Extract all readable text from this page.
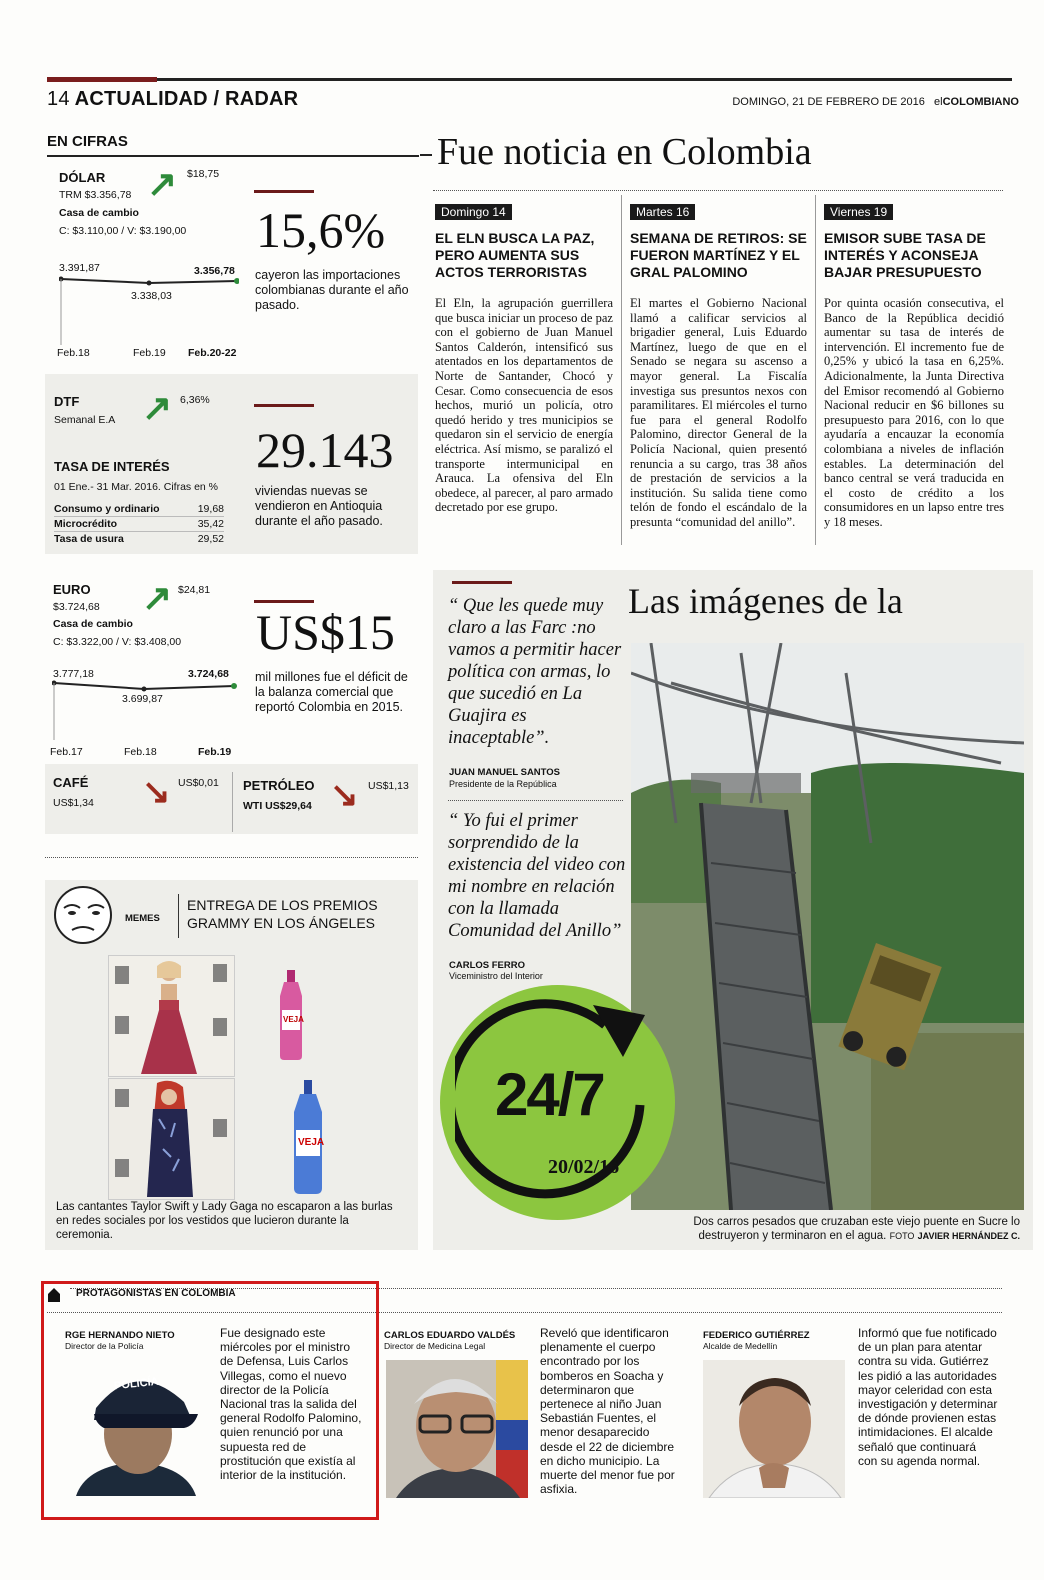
14 ACTUALIDAD / RADAR	DOMINGO, 21 DE FEBRERO DE 2016 elCOLOMBIANO
EN CIFRAS
DÓLAR ↗ $18,75
TRM $3.356,78
Casa de cambio
C: $3.110,00 / V: $3.190,00
3.391,87
3.338,03
3.356,78
Feb.18	Feb.19 Feb.20-22
15,6%
cayeron las importaciones colombianas durante el año pasado.
DTF ↗ 6,36%
Semanal E.A
TASA DE INTERÉS
01 Ene.- 31 Mar. 2016. Cifras en %
Consumo y ordinario	19,68
Microcrédito	35,42
Tasa de usura	29,52
29.143
viviendas nuevas se vendieron en Antioquia durante el año pasado.
EURO ↗ $24,81
$3.724,68
Casa de cambio
C: $3.322,00 / V: $3.408,00
3.777,18
3.699,87
3.724,68
Feb.17	Feb.18	Feb.19
US$15
mil millones fue el déficit de la balanza comercial que reportó Colombia en 2015.
CAFÉ ↘ US$0,01
US$1,34
PETRÓLEO ↘ US$1,13
WTI US$29,64
MEMES
ENTREGA DE LOS PREMIOS GRAMMY EN LOS ÁNGELES
VEJA
VEJA
Las cantantes Taylor Swift y Lady Gaga no escaparon a las burlas en redes sociales por los vestidos que lucieron durante la ceremonia.
Fue noticia en Colombia
Domingo 14
EL ELN BUSCA LA PAZ, PERO AUMENTA SUS ACTOS TERRORISTAS
El Eln, la agrupación guerrillera que busca iniciar un proceso de paz con el gobierno de Juan Manuel Santos Calderón, intensificó sus atentados en los departamentos de Norte de Santander, Chocó y Cesar. Como consecuencia de esos hechos, murió un policía, otro quedó herido y tres municipios se quedaron sin el servicio de energía eléctrica. Así mismo, se paralizó el transporte intermunicipal en Arauca. La ofensiva del Eln obedece, al parecer, al paro armado decretado por ese grupo.
Martes 16
SEMANA DE RETIROS: SE FUERON MARTÍNEZ Y EL GRAL PALOMINO
El martes el Gobierno Nacional llamó a calificar servicios al brigadier general, Luis Eduardo Martínez, luego de que en el Senado se negara su ascenso a mayor general. La Fiscalía investiga sus presuntos nexos con paramilitares. El miércoles el turno fue para el general Rodolfo Palomino, director General de la Policía Nacional, quien presentó renuncia a su cargo, tras 38 años de prestación de servicios a la institución. Su salida tiene como telón de fondo el escándalo de la presunta “comunidad del anillo”.
Viernes 19
EMISOR SUBE TASA DE INTERÉS Y ACONSEJA BAJAR PRESUPUESTO
Por quinta ocasión consecutiva, el Banco de la República decidió aumentar su tasa de interés de intervención. El incremento fue de 0,25% y ubicó la tasa en 6,25%. Adicionalmente, la Junta Directiva del Emisor recomendó al Gobierno Nacional reducir en $6 billones su presupuesto para 2016, con lo que ayudaría a encauzar la economía colombiana a niveles de inflación estables. La determinación del banco central se verá traducida en el costo de crédito a los consumidores en un lapso entre tres y 18 meses.
“ Que les quede muy claro a las Farc :no vamos a permitir hacer política con armas, lo que sucedió en La Guajira es inaceptable”.
JUAN MANUEL SANTOS
Presidente de la República
“ Yo fui el primer sorprendido de la existencia del video con mi nombre en relación con la llamada Comunidad del Anillo”
CARLOS FERRO
Viceministro del Interior
Las imágenes de la
24/7
20/02/16
Dos carros pesados que cruzaban este viejo puente en Sucre lo destruyeron y terminaron en el agua. FOTO JAVIER HERNÁNDEZ C.
PROTAGONISTAS EN COLOMBIA
RGE HERNANDO NIETO
Director de la Policía
POLICÍA
Fue designado este miércoles por el ministro de Defensa, Luis Carlos Villegas, como el nuevo director de la Policía Nacional tras la salida del general Rodolfo Palomino, quien renunció por una supuesta red de prostitución que existía al interior de la institución.
CARLOS EDUARDO VALDÉS
Director de Medicina Legal
Reveló que identificaron plenamente el cuerpo encontrado por los bomberos en Soacha y determinaron que pertenece al niño Juan Sebastián Fuentes, el menor desaparecido desde el 22 de diciembre en dicho municipio. La muerte del menor fue por asfixia.
FEDERICO GUTIÉRREZ
Alcalde de Medellín
Informó que fue notificado de un plan para atentar contra su vida. Gutiérrez les pidió a las autoridades mayor celeridad con esta investigación y determinar de dónde provienen estas intimidaciones. El alcalde señaló que continuará con su agenda normal.
